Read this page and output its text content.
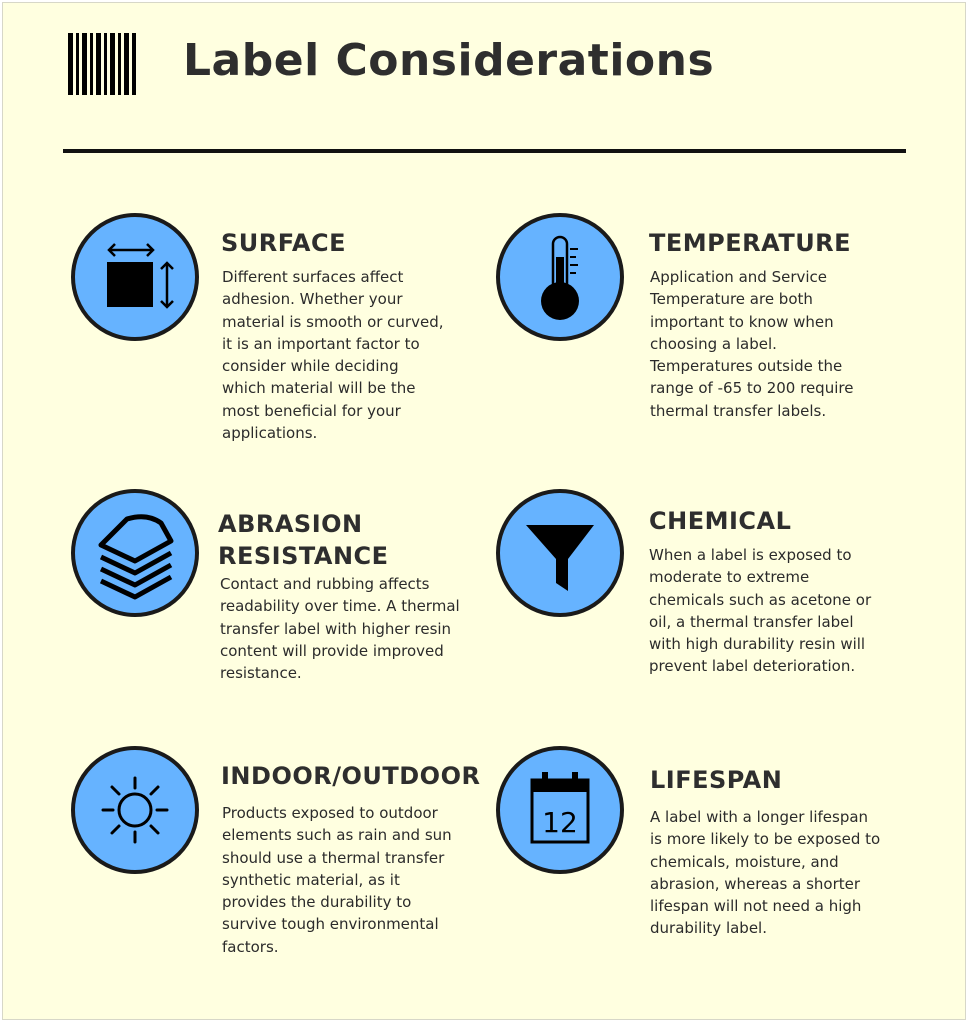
Label Considerations
SURFACE
Different surfaces affect
adhesion. Whether your
material is smooth or curved,
it is an important factor to
consider while deciding
which material will be the
most beneficial for your
applications.
TEMPERATURE
Application and Service
Temperature are both
important to know when
choosing a label.
Temperatures outside the
range of -65 to 200 require
thermal transfer labels.
ABRASION
RESISTANCE
Contact and rubbing affects
readability over time. A thermal
transfer label with higher resin
content will provide improved
resistance.
CHEMICAL
When a label is exposed to
moderate to extreme
chemicals such as acetone or
oil, a thermal transfer label
with high durability resin will
prevent label deterioration.
INDOOR/OUTDOOR
Products exposed to outdoor
elements such as rain and sun
should use a thermal transfer
synthetic material, as it
provides the durability to
survive tough environmental
factors.
12
LIFESPAN
A label with a longer lifespan
is more likely to be exposed to
chemicals, moisture, and
abrasion, whereas a shorter
lifespan will not need a high
durability label.
